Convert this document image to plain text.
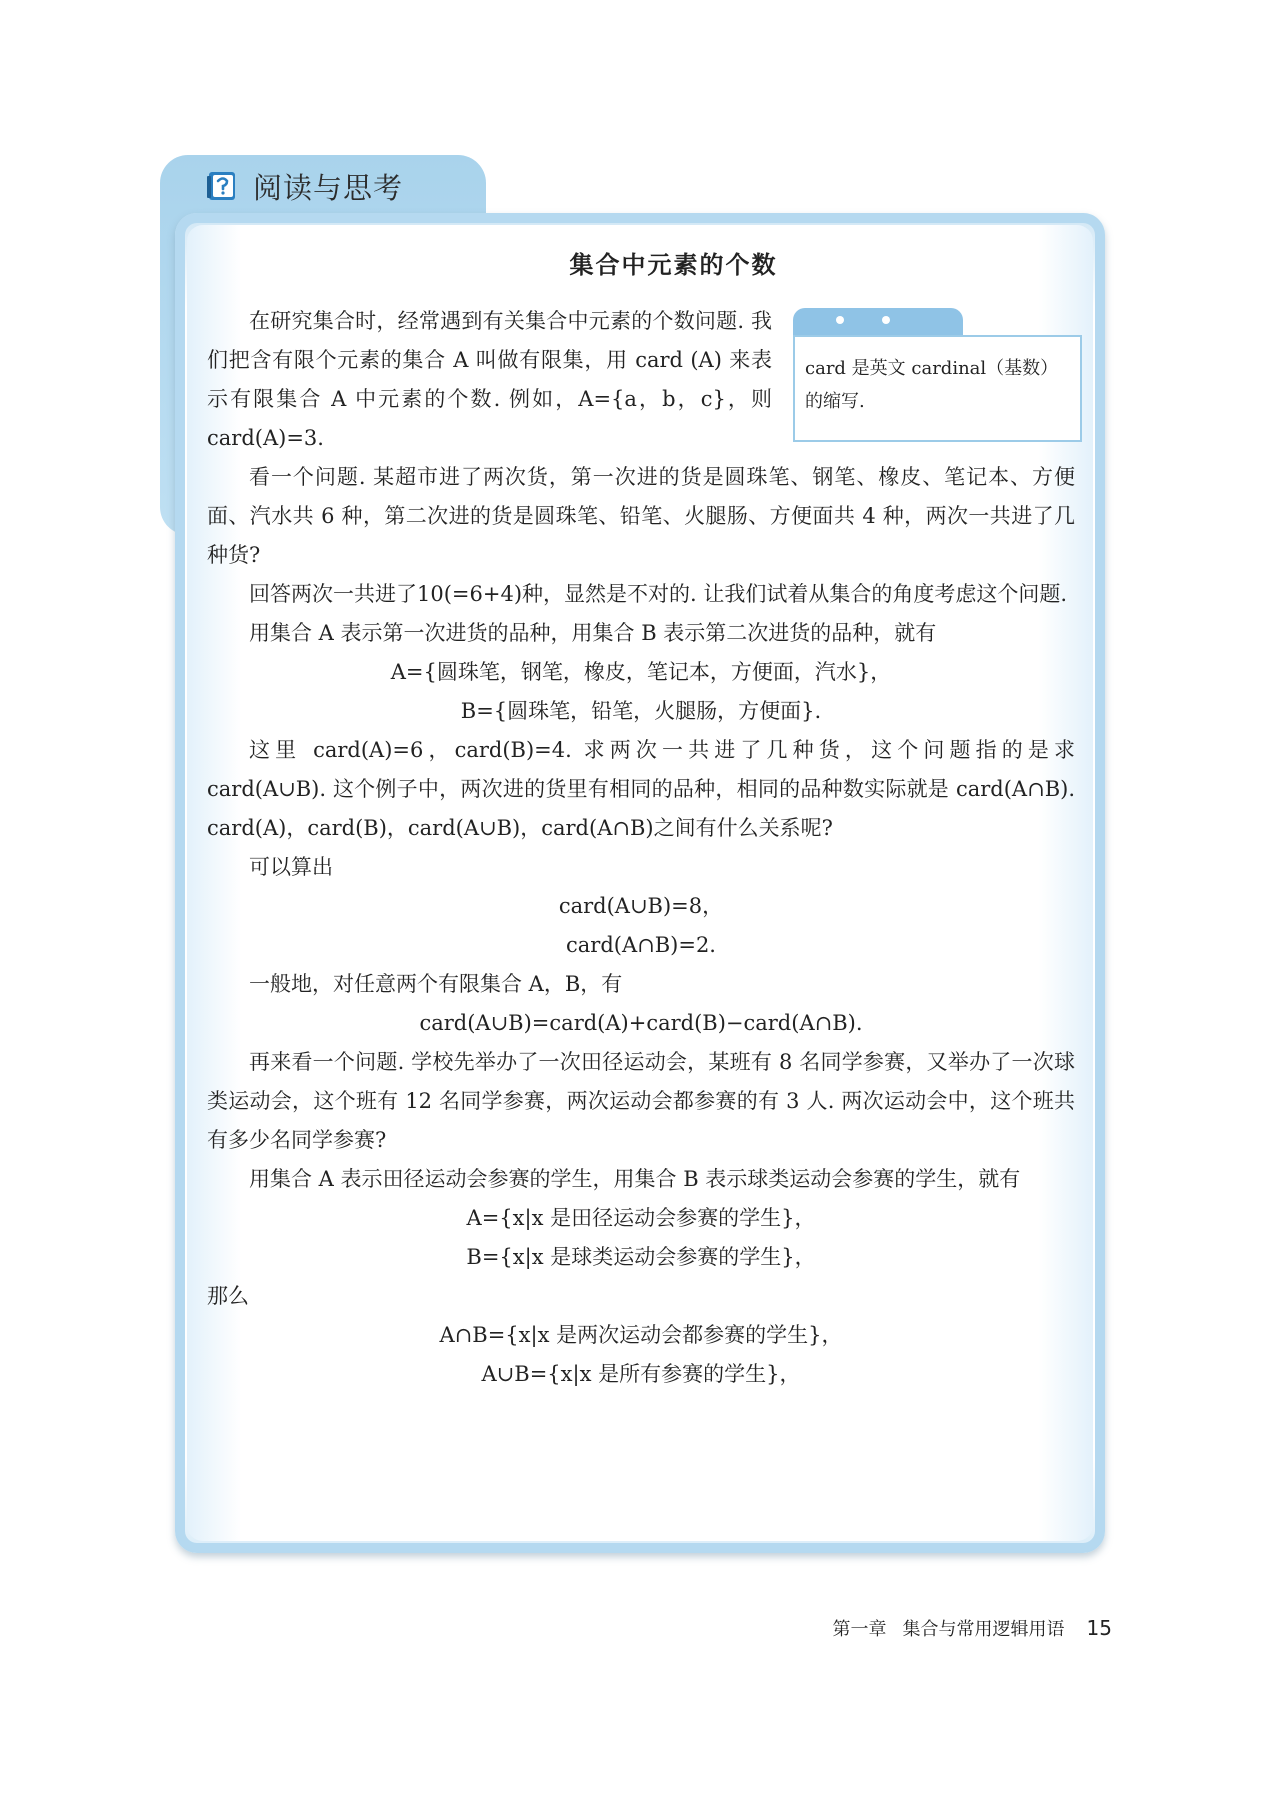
阅读与思考
集合中元素的个数
card 是英文 cardinal（基数）的缩写.

在研究集合时，经常遇到有关集合中元素的个数问题. 我们把含有限个元素的集合 A 叫做有限集，用 card (A) 来表示有限集合 A 中元素的个数. 例如，A={a，b，c}，则 card(A)=3.

看一个问题. 某超市进了两次货，第一次进的货是圆珠笔、钢笔、橡皮、笔记本、方便面、汽水共 6 种，第二次进的货是圆珠笔、铅笔、火腿肠、方便面共 4 种，两次一共进了几种货?

回答两次一共进了10(=6+4)种，显然是不对的. 让我们试着从集合的角度考虑这个问题.

用集合 A 表示第一次进货的品种，用集合 B 表示第二次进货的品种，就有

A={圆珠笔，钢笔，橡皮，笔记本，方便面，汽水}，

B={圆珠笔，铅笔，火腿肠，方便面}.

这里 card(A)=6，card(B)=4. 求两次一共进了几种货，这个问题指的是求 card(A∪B). 这个例子中，两次进的货里有相同的品种，相同的品种数实际就是 card(A∩B). card(A)，card(B)，card(A∪B)，card(A∩B)之间有什么关系呢?

可以算出

card(A∪B)=8，

card(A∩B)=2.

一般地，对任意两个有限集合 A，B，有

card(A∪B)=card(A)+card(B)−card(A∩B).

再来看一个问题. 学校先举办了一次田径运动会，某班有 8 名同学参赛，又举办了一次球类运动会，这个班有 12 名同学参赛，两次运动会都参赛的有 3 人. 两次运动会中，这个班共有多少名同学参赛?

用集合 A 表示田径运动会参赛的学生，用集合 B 表示球类运动会参赛的学生，就有

A={x|x 是田径运动会参赛的学生}，

B={x|x 是球类运动会参赛的学生}，

那么

A∩B={x|x 是两次运动会都参赛的学生}，

A∪B={x|x 是所有参赛的学生}，

第一章 集合与常用逻辑用语 15
